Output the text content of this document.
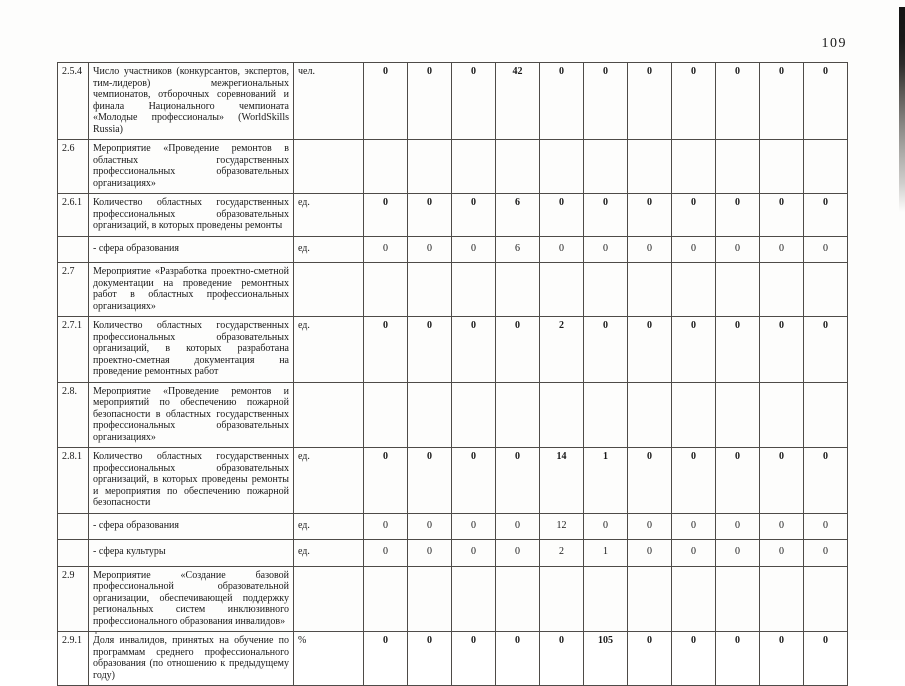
109
2.5.4	Число участников (конкурсантов, экспертов, тим-лидеров) межрегиональных чемпионатов, отборочных соревнований и финала Национального чемпионата «Молодые профессионалы» (WorldSkills Russia)	чел.	0	0	0	42	0	0	0	0	0	0	0
2.6	Мероприятие «Проведение ремонтов в областных государственных профессиональных образовательных организациях»												
2.6.1	Количество областных государственных профессиональных образовательных организаций, в которых проведены ремонты	ед.	0	0	0	6	0	0	0	0	0	0	0
	- сфера образования	ед.	0	0	0	6	0	0	0	0	0	0	0
2.7	Мероприятие «Разработка проектно-сметной документации на проведение ремонтных работ в областных профессиональных организациях»												
2.7.1	Количество областных государственных профессиональных образовательных организаций, в которых разработана проектно-сметная документация на проведение ремонтных работ	ед.	0	0	0	0	2	0	0	0	0	0	0
2.8.	Мероприятие «Проведение ремонтов и мероприятий по обеспечению пожарной безопасности в областных государственных профессиональных образовательных организациях»												
2.8.1	Количество областных государственных профессиональных образовательных организаций, в которых проведены ремонты и мероприятия по обеспечению пожарной безопасности	ед.	0	0	0	0	14	1	0	0	0	0	0
	- сфера образования	ед.	0	0	0	0	12	0	0	0	0	0	0
	- сфера культуры	ед.	0	0	0	0	2	1	0	0	0	0	0
2.9	Мероприятие «Создание базовой профессиональной образовательной организации, обеспечивающей поддержку региональных систем инклюзивного профессионального образования инвалидов»												
2.9.1	Доля инвалидов, принятых на обучение по программам среднего профессионального образования (по отношению к предыдущему году)	%	0	0	0	0	0	105	0	0	0	0	0
